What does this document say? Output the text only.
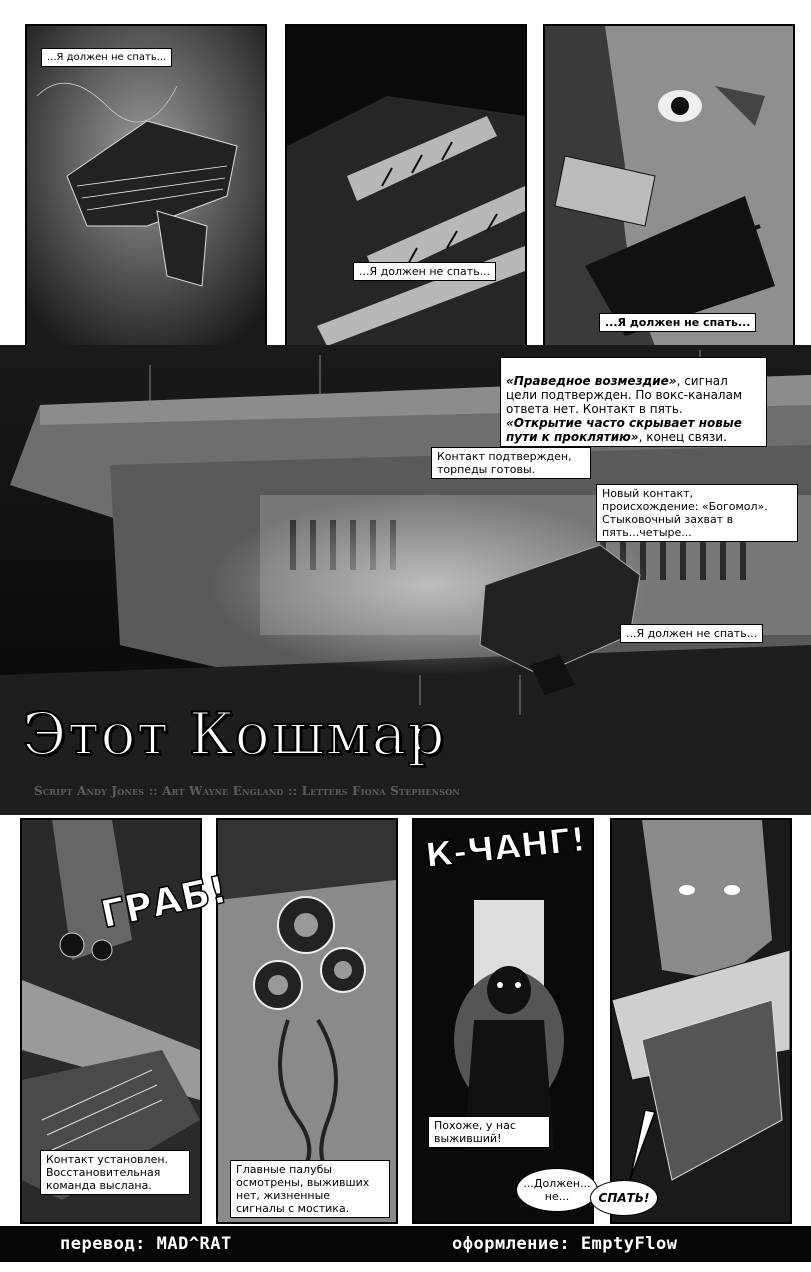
...Я должен не спать...
...Я должен не спать...
...Я должен не спать...

«Праведное возмездие», сигнал цели подтвержден. По вокс-каналам ответа нет. Контакт в пять.
«Открытие часто скрывает новые пути к проклятию», конец связи.

Контакт подтвержден,
торпеды готовы.
Новый контакт,
происхождение: «Богомол».
Стыковочный захват в
пять...четыре...
...Я должен не спать...
Этот Кошмар
Script Andy Jones :: Art Wayne England :: Letters Fiona Stephenson
Контакт установлен.
Восстановительная
команда выслана.
ГРАБ!
Главные палубы
осмотрены, выживших
нет, жизненные
сигналы с мостика.
Похоже, у нас
выживший!
К-ЧАНГ!
...Должен...
не...	СПАТЬ!
перевод: MAD^RAT	оформление: EmptyFlow
